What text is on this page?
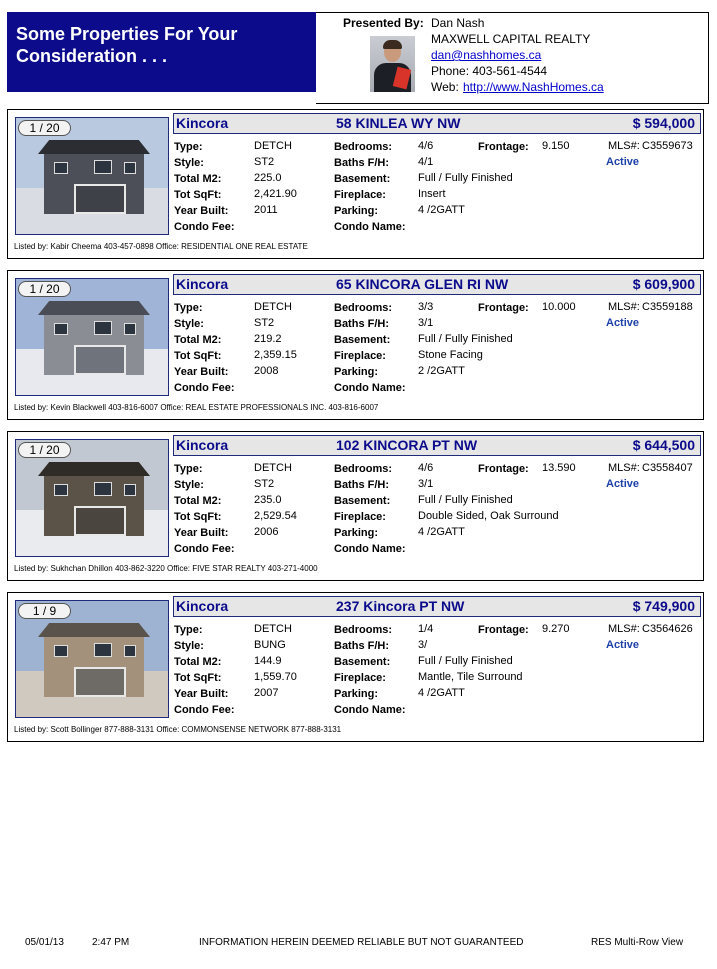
Some Properties For Your
Consideration . . .
Presented By: Dan Nash
MAXWELL CAPITAL REALTY
dan@nashhomes.ca
Phone: 403-561-4544
Web: http://www.NashHomes.ca
1 / 20	Kincora	58 KINLEA WY NW	$ 594,000
Type:	DETCH
Style:	ST2
Total M2:	225.0
Tot SqFt:	2,421.90
Year Built: 2011
Condo Fee:
Bedrooms: 4/6
Baths F/H:	4/1
Basement:	Full / Fully Finished
Fireplace:	Insert
Parking:	4 /2GATT
Condo Name:
Frontage: 9.150	MLS#: C3559673
Active
Listed by: Kabir Cheema 403-457-0898 Office: RESIDENTIAL ONE REAL ESTATE
1 / 20	Kincora	65 KINCORA GLEN RI NW	$ 609,900
Type:	DETCH
Style:	ST2
Total M2:	219.2
Tot SqFt:	2,359.15
Year Built: 2008
Condo Fee:
Bedrooms: 3/3
Baths F/H:	3/1
Basement:	Full / Fully Finished
Fireplace:	Stone Facing
Parking:	2 /2GATT
Condo Name:
Frontage: 10.000	MLS#: C3559188
Active
Listed by: Kevin Blackwell 403-816-6007 Office: REAL ESTATE PROFESSIONALS INC. 403-816-6007
1 / 20	Kincora	102 KINCORA PT NW	$ 644,500
Type:	DETCH
Style:	ST2
Total M2:	235.0
Tot SqFt:	2,529.54
Year Built: 2006
Condo Fee:
Bedrooms: 4/6
Baths F/H:	3/1
Basement:	Full / Fully Finished
Fireplace:	Double Sided, Oak Surround
Parking:	4 /2GATT
Condo Name:
Frontage: 13.590	MLS#: C3558407
Active
Listed by: Sukhchan Dhillon 403-862-3220 Office: FIVE STAR REALTY 403-271-4000
1 / 9	Kincora	237 Kincora PT NW	$ 749,900
Type:	DETCH
Style:	BUNG
Total M2:	144.9
Tot SqFt:	1,559.70
Year Built: 2007
Condo Fee:
Bedrooms: 1/4
Baths F/H:	3/
Basement:	Full / Fully Finished
Fireplace:	Mantle, Tile Surround
Parking:	4 /2GATT
Condo Name:
Frontage: 9.270	MLS#: C3564626
Active
Listed by: Scott Bollinger 877-888-3131 Office: COMMONSENSE NETWORK 877-888-3131
05/01/13	2:47 PM	INFORMATION HEREIN DEEMED RELIABLE BUT NOT GUARANTEED	RES Multi-Row View
